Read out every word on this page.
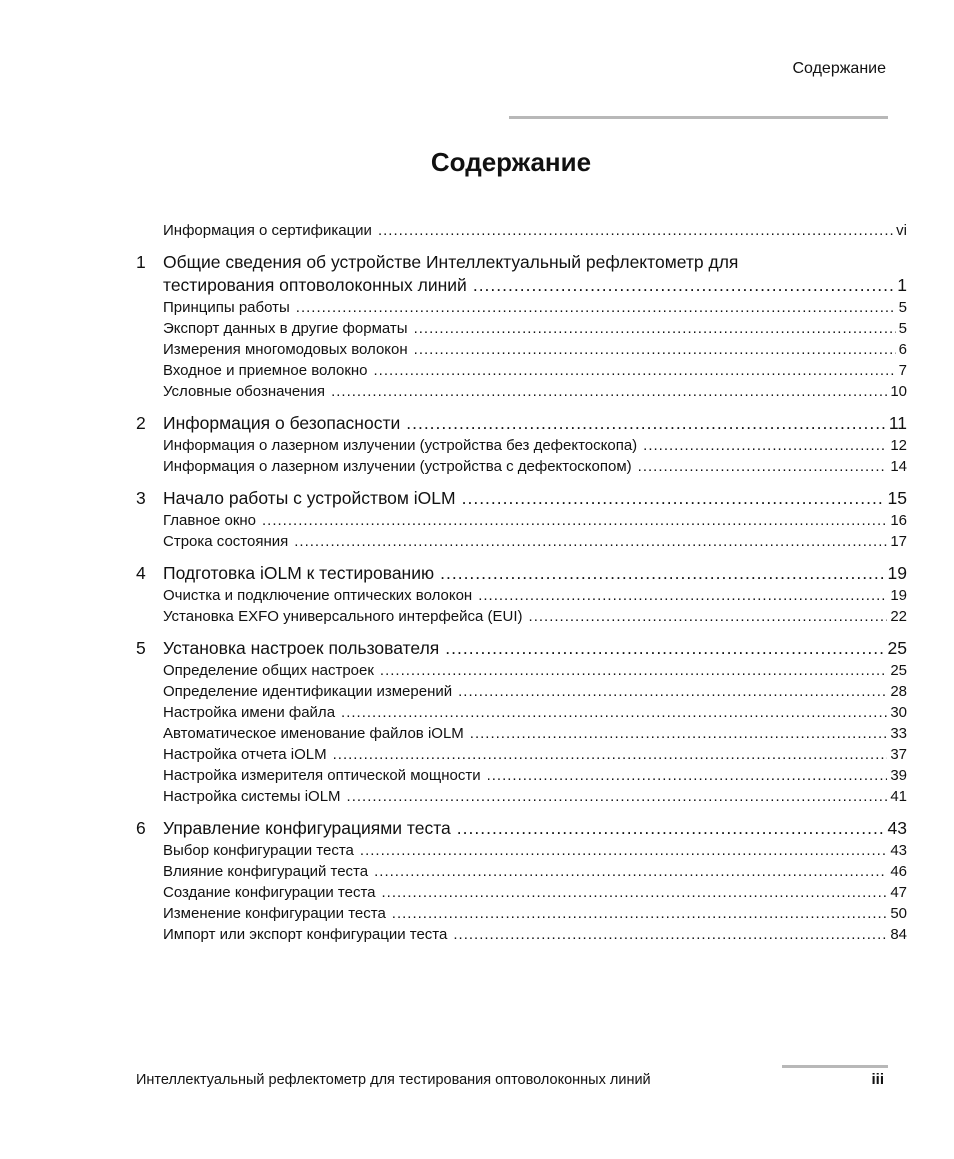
Содержание
Содержание
Информация о сертификации .....	vi
1 Общие сведения об устройстве Интеллектуальный рефлектометр для
тестирования оптоволоконных линий .....	1
Принципы работы .....	5
Экспорт данных в другие форматы .....	5
Измерения многомодовых волокон .....	6
Входное и приемное волокно .....	7
Условные обозначения .....	10
2 Информация о безопасности .....	11
Информация о лазерном излучении (устройства без дефектоскопа) .....	12
Информация о лазерном излучении (устройства с дефектоскопом) .....	14
3 Начало работы с устройством iOLM .....	15
Главное окно .....	16
Строка состояния .....	17
4 Подготовка iOLM к тестированию .....	19
Очистка и подключение оптических волокон .....	19
Установка EXFO универсального интерфейса (EUI) .....	22
5 Установка настроек пользователя .....	25
Определение общих настроек .....	25
Определение идентификации измерений .....	28
Настройка имени файла .....	30
Автоматическое именование файлов iOLM .....	33
Настройка отчета iOLM .....	37
Настройка измерителя оптической мощности .....	39
Настройка системы iOLM .....	41
6 Управление конфигурациями теста .....	43
Выбор конфигурации теста .....	43
Влияние конфигураций теста .....	46
Создание конфигурации теста .....	47
Изменение конфигурации теста .....	50
Импорт или экспорт конфигурации теста .....	84
Интеллектуальный рефлектометр для тестирования оптоволоконных линий	iii
